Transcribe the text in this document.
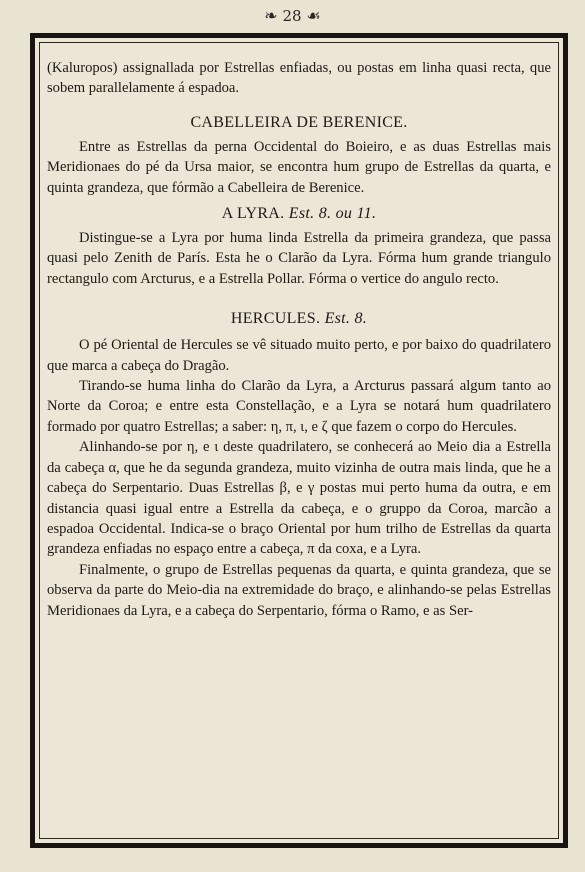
❧ 28 ☙

(Kaluropos) assignallada por Estrellas enfiadas, ou postas em linha quasi recta, que sobem parallelamente á espadoa.

CABELLEIRA DE BERENICE.

Entre as Estrellas da perna Occidental do Boieiro, e as duas Estrellas mais Meridionaes do pé da Ursa maior, se encontra hum grupo de Estrellas da quarta, e quinta grandeza, que fórmão a Cabelleira de Berenice.

A LYRA. Est. 8. ou 11.

Distingue-se a Lyra por huma linda Estrella da primeira grandeza, que passa quasi pelo Zenith de París. Esta he o Clarão da Lyra. Fórma hum grande triangulo rectangulo com Arcturus, e a Estrella Pollar. Fórma o vertice do angulo recto.

HERCULES. Est. 8.

O pé Oriental de Hercules se vê situado muito perto, e por baixo do quadrilatero que marca a cabeça do Dragão.

Tirando-se huma linha do Clarão da Lyra, a Arcturus passará algum tanto ao Norte da Coroa; e entre esta Constellação, e a Lyra se notará hum quadrilatero formado por quatro Estrellas; a saber: η, π, ι, e ζ que fazem o corpo do Hercules.

Alinhando-se por η, e ι deste quadrilatero, se conhecerá ao Meio dia a Estrella da cabeça α, que he da segunda grandeza, muito vizinha de outra mais linda, que he a cabeça do Serpentario. Duas Estrellas β, e γ postas mui perto huma da outra, e em distancia quasi igual entre a Estrella da cabeça, e o gruppo da Coroa, marcão a espadoa Occidental. Indica-se o braço Oriental por hum trilho de Estrellas da quarta grandeza enfiadas no espaço entre a cabeça, π da coxa, e a Lyra.

Finalmente, o grupo de Estrellas pequenas da quarta, e quinta grandeza, que se observa da parte do Meio-dia na extremidade do braço, e alinhando-se pelas Estrellas Meridionaes da Lyra, e a cabeça do Serpentario, fórma o Ramo, e as Ser-
